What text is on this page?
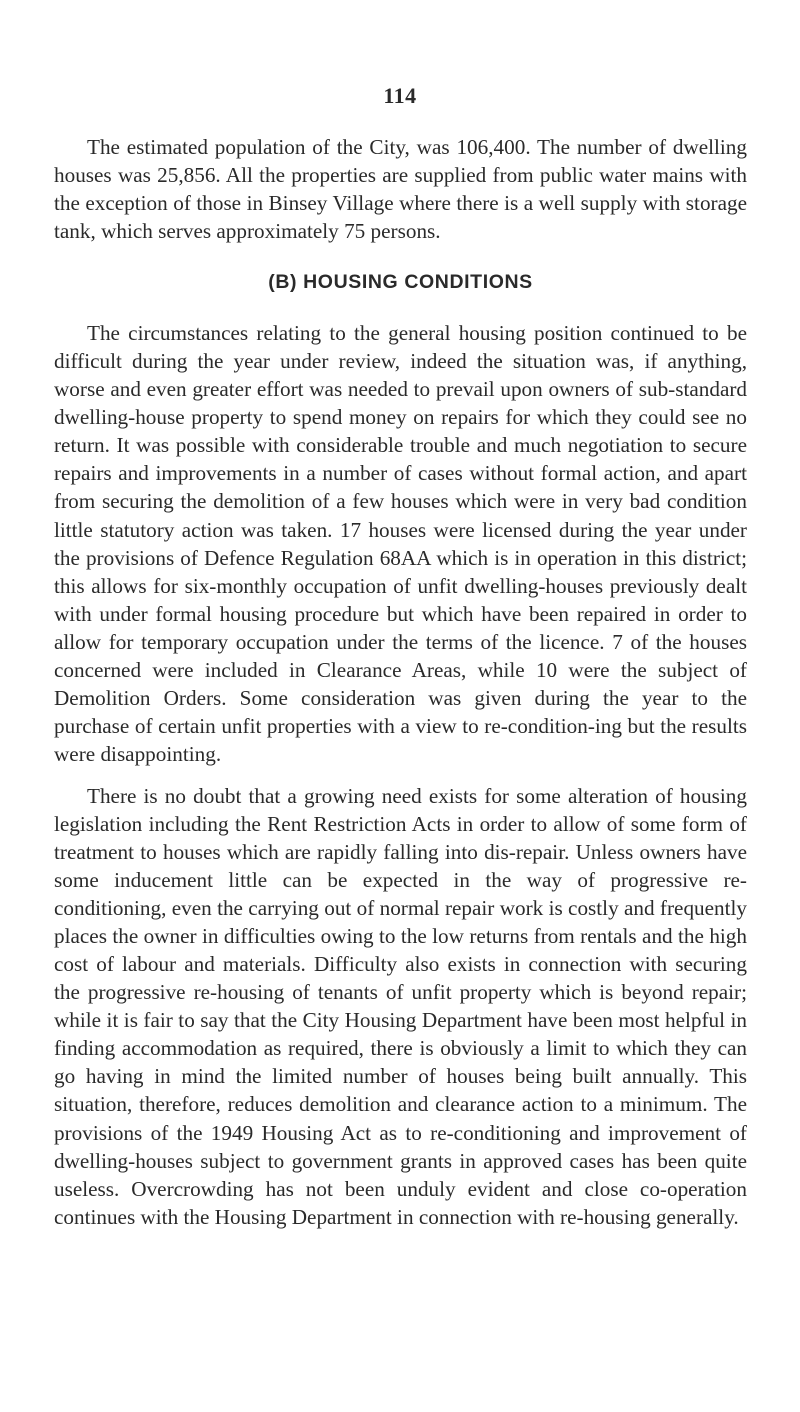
114

The estimated population of the City, was 106,400. The number of dwelling houses was 25,856. All the properties are supplied from public water mains with the exception of those in Binsey Village where there is a well supply with storage tank, which serves approximately 75 persons.

(B) HOUSING CONDITIONS

The circumstances relating to the general housing position continued to be difficult during the year under review, indeed the situation was, if anything, worse and even greater effort was needed to prevail upon owners of sub-standard dwelling-house property to spend money on repairs for which they could see no return. It was possible with considerable trouble and much negotiation to secure repairs and improvements in a number of cases without formal action, and apart from securing the demolition of a few houses which were in very bad condition little statutory action was taken. 17 houses were licensed during the year under the provisions of Defence Regulation 68AA which is in operation in this district; this allows for six-monthly occupation of unfit dwelling-houses previously dealt with under formal housing procedure but which have been repaired in order to allow for temporary occupation under the terms of the licence. 7 of the houses concerned were included in Clearance Areas, while 10 were the subject of Demolition Orders. Some consideration was given during the year to the purchase of certain unfit properties with a view to re-condition-ing but the results were disappointing.

There is no doubt that a growing need exists for some alteration of housing legislation including the Rent Restriction Acts in order to allow of some form of treatment to houses which are rapidly falling into dis-repair. Unless owners have some inducement little can be expected in the way of progressive re-conditioning, even the carrying out of normal repair work is costly and frequently places the owner in difficulties owing to the low returns from rentals and the high cost of labour and materials. Difficulty also exists in connection with securing the progressive re-housing of tenants of unfit property which is beyond repair; while it is fair to say that the City Housing Department have been most helpful in finding accommodation as required, there is obviously a limit to which they can go having in mind the limited number of houses being built annually. This situation, therefore, reduces demolition and clearance action to a minimum. The provisions of the 1949 Housing Act as to re-conditioning and improvement of dwelling-houses subject to government grants in approved cases has been quite useless. Overcrowding has not been unduly evident and close co-operation continues with the Housing Department in connection with re-housing generally.
